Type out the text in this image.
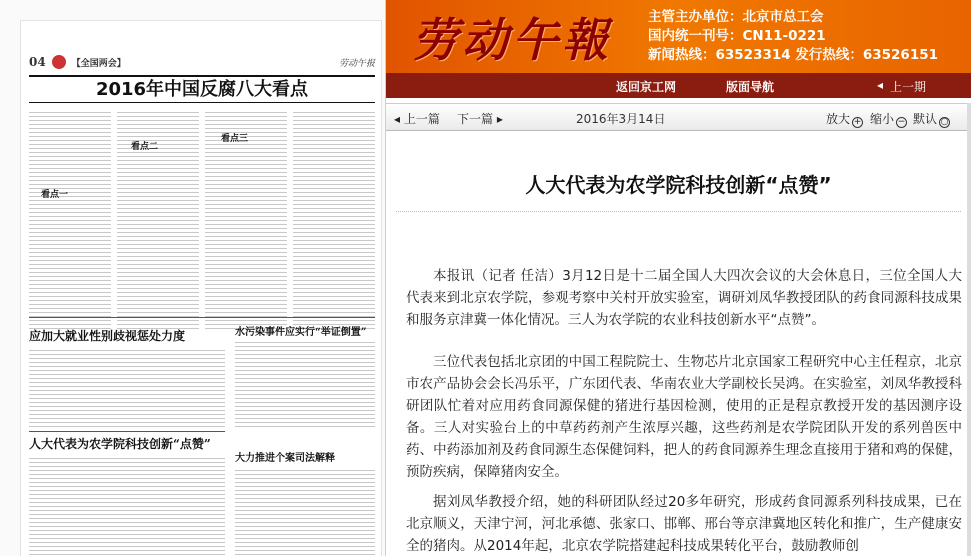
04	【全国两会】	劳动午报
2016年中国反腐八大看点
看点一
看点二
看点三
应加大就业性别歧视惩处力度	水污染事件应实行“举证倒置”
人大代表为农学院科技创新“点赞”
大力推进个案司法解释
劳动午報	主管主办单位：北京市总工会
国内统一刊号：CN11-0221
新闻热线：63523314 发行热线：63526151
返回京工网	版面导航	◂ 上一期
◂ 上一篇 下一篇 ▸	2016年3月14日	放大 + 缩小 − 默认 ○
人大代表为农学院科技创新“点赞”

本报讯（记者 任洁）3月12日是十二届全国人大四次会议的大会休息日，三位全国人大代表来到北京农学院，参观考察中关村开放实验室，调研刘凤华教授团队的药食同源科技成果和服务京津冀一体化情况。三人为农学院的农业科技创新水平“点赞”。

三位代表包括北京团的中国工程院院士、生物芯片北京国家工程研究中心主任程京，北京市农产品协会会长冯乐平，广东团代表、华南农业大学副校长吴鸿。在实验室，刘凤华教授科研团队忙着对应用药食同源保健的猪进行基因检测，使用的正是程京教授开发的基因测序设备。三人对实验台上的中草药药剂产生浓厚兴趣，这些药剂是农学院团队开发的系列兽医中药、中药添加剂及药食同源生态保健饲料，把人的药食同源养生理念直接用于猪和鸡的保健，预防疾病，保障猪肉安全。

据刘凤华教授介绍，她的科研团队经过20多年研究，形成药食同源系列科技成果，已在北京顺义，天津宁河，河北承德、张家口、邯郸、邢台等京津冀地区转化和推广，生产健康安全的猪肉。从2014年起，北京农学院搭建起科技成果转化平台，鼓励教师创
